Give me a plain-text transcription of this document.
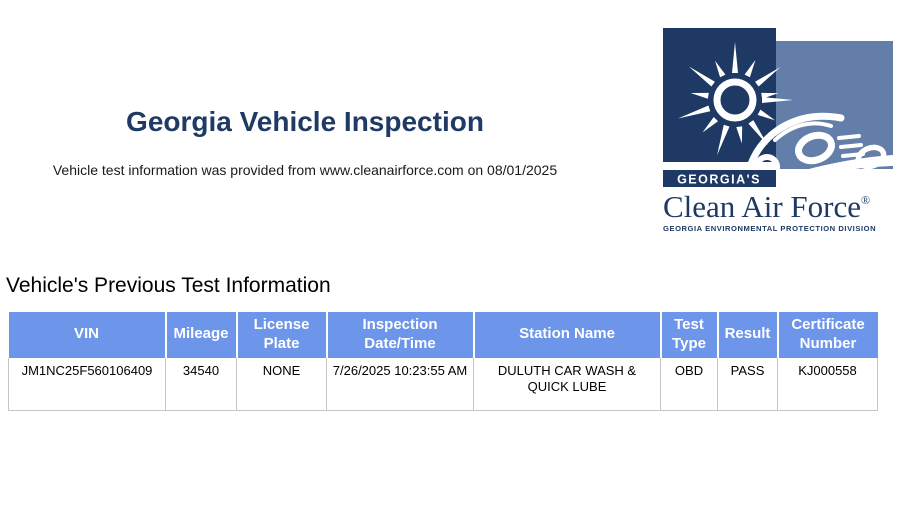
Georgia Vehicle Inspection
Vehicle test information was provided from www.cleanairforce.com on 08/01/2025
GEORGIA'S
Clean Air Force®
GEORGIA ENVIRONMENTAL PROTECTION DIVISION
Vehicle's Previous Test Information
VIN	Mileage	License Plate	Inspection Date/Time	Station Name	Test Type	Result	Certificate Number
JM1NC25F560106409	34540	NONE	7/26/2025 10:23:55 AM	DULUTH CAR WASH & QUICK LUBE	OBD	PASS	KJ000558
